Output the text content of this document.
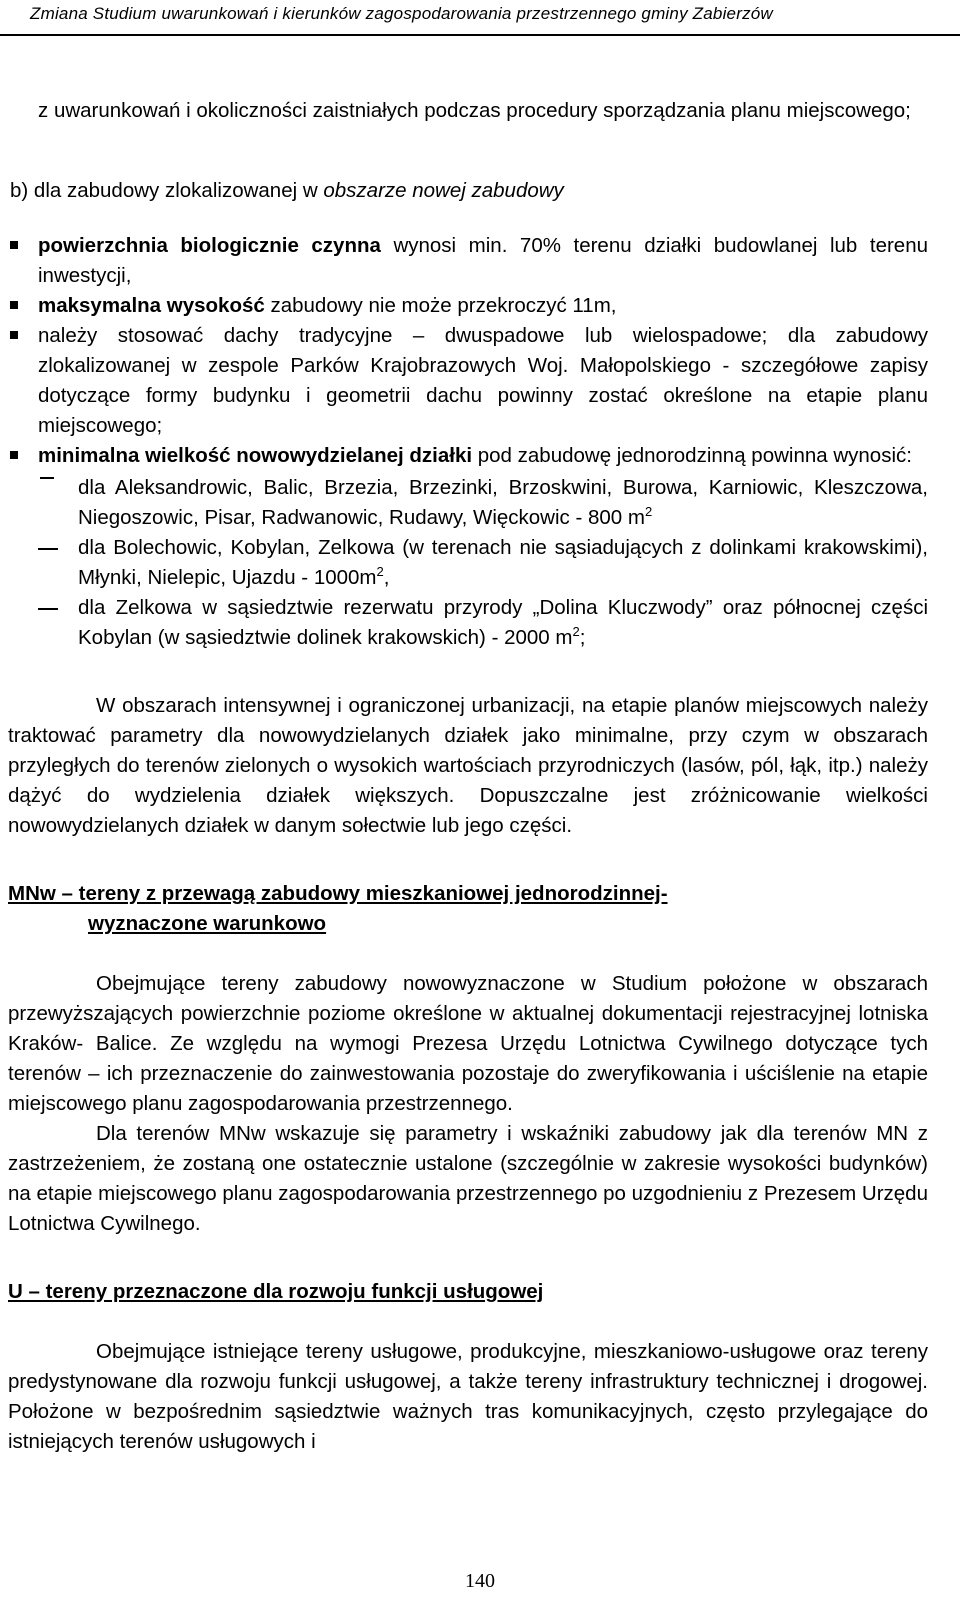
Zmiana Studium uwarunkowań i kierunków zagospodarowania przestrzennego gminy Zabierzów

z uwarunkowań i okoliczności zaistniałych podczas procedury sporządzania planu miejscowego;

b) dla zabudowy zlokalizowanej w obszarze nowej zabudowy

powierzchnia biologicznie czynna wynosi min. 70% terenu działki budowlanej lub terenu inwestycji,

maksymalna wysokość zabudowy nie może przekroczyć 11m,

należy stosować dachy tradycyjne – dwuspadowe lub wielospadowe; dla zabudowy zlokalizowanej w zespole Parków Krajobrazowych Woj. Małopolskiego - szczegółowe zapisy dotyczące formy budynku i geometrii dachu powinny zostać określone na etapie planu miejscowego;

minimalna wielkość nowowydzielanej działki pod zabudowę jednorodzinną powinna wynosić:

dla Aleksandrowic, Balic, Brzezia, Brzezinki, Brzoskwini, Burowa, Karniowic, Kleszczowa, Niegoszowic, Pisar, Radwanowic, Rudawy, Więckowic - 800 $m^2$

dla Bolechowic, Kobylan, Zelkowa (w terenach nie sąsiadujących z dolinkami krakowskimi), Młynki, Nielepic, Ujazdu - $1000m^2$,

dla Zelkowa w sąsiedztwie rezerwatu przyrody „Dolina Kluczwody” oraz północnej części Kobylan (w sąsiedztwie dolinek krakowskich) - 2000 $m^2$;

W obszarach intensywnej i ograniczonej urbanizacji, na etapie planów miejscowych należy traktować parametry dla nowowydzielanych działek jako minimalne, przy czym w obszarach przyległych do terenów zielonych o wysokich wartościach przyrodniczych (lasów, pól, łąk, itp.) należy dążyć do wydzielenia działek większych. Dopuszczalne jest zróżnicowanie wielkości nowowydzielanych działek w danym sołectwie lub jego części.

MNw – tereny z przewagą zabudowy mieszkaniowej jednorodzinnej-
wyznaczone warunkowo

Obejmujące tereny zabudowy nowowyznaczone w Studium położone w obszarach przewyższających powierzchnie poziome określone w aktualnej dokumentacji rejestracyjnej lotniska Kraków- Balice. Ze względu na wymogi Prezesa Urzędu Lotnictwa Cywilnego dotyczące tych terenów – ich przeznaczenie do zainwestowania pozostaje do zweryfikowania i uściślenie na etapie miejscowego planu zagospodarowania przestrzennego.

Dla terenów MNw wskazuje się parametry i wskaźniki zabudowy jak dla terenów MN z zastrzeżeniem, że zostaną one ostatecznie ustalone (szczególnie w zakresie wysokości budynków) na etapie miejscowego planu zagospodarowania przestrzennego po uzgodnieniu z Prezesem Urzędu Lotnictwa Cywilnego.

U – tereny przeznaczone dla rozwoju funkcji usługowej

Obejmujące istniejące tereny usługowe, produkcyjne, mieszkaniowo-usługowe oraz tereny predystynowane dla rozwoju funkcji usługowej, a także tereny infrastruktury technicznej i drogowej. Położone w bezpośrednim sąsiedztwie ważnych tras komunikacyjnych, często przylegające do istniejących terenów usługowych i

140
